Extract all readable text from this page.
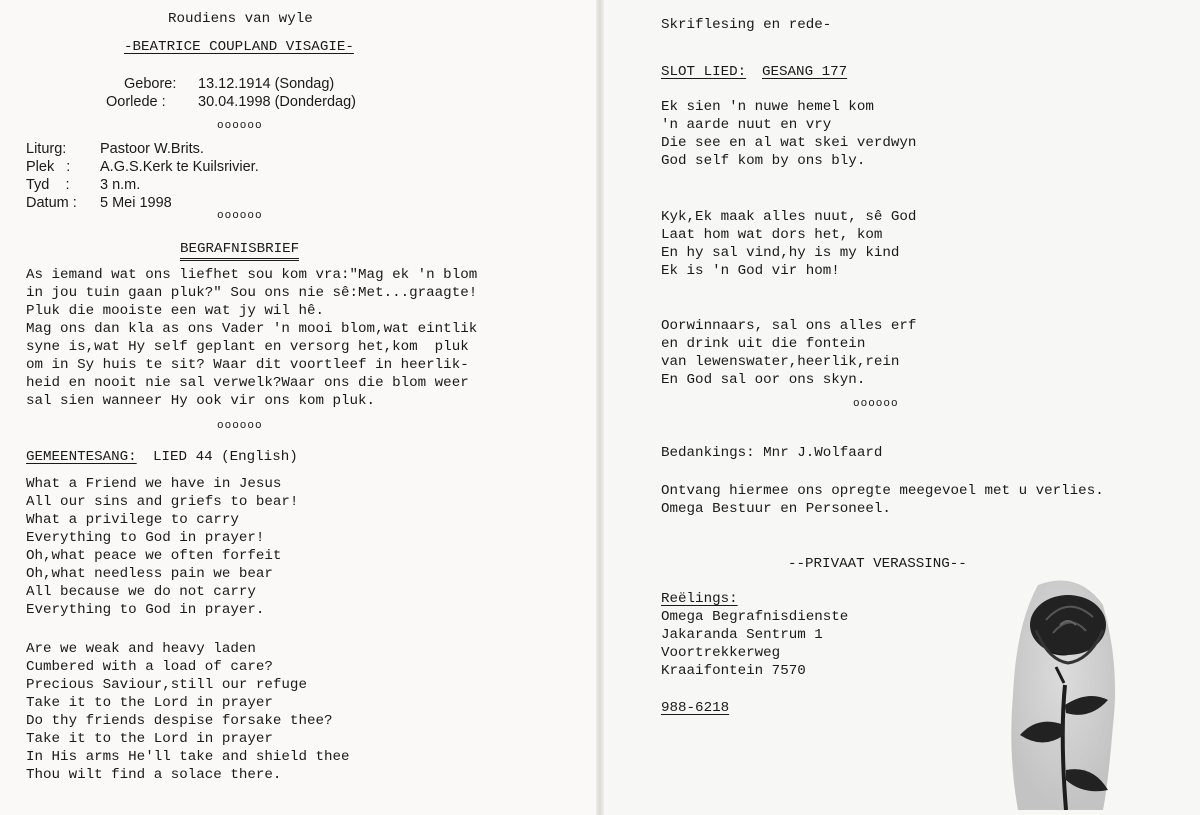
Roudiens van wyle
-BEATRICE COUPLAND VISAGIE-
Gebore: 13.12.1914 (Sondag)
Oorlede : 30.04.1998 (Donderdag)
oooooo
Liturg: Pastoor W.Brits.
Plek   : A.G.S.Kerk te Kuilsrivier.
Tyd    : 3 n.m.
Datum : 5 Mei 1998
oooooo
BEGRAFNISBRIEF
As iemand wat ons liefhet sou kom vra:"Mag ek 'n blom
in jou tuin gaan pluk?" Sou ons nie sê:Met...graagte!
Pluk die mooiste een wat jy wil hê.
Mag ons dan kla as ons Vader 'n mooi blom,wat eintlik
syne is,wat Hy self geplant en versorg het,kom  pluk
om in Sy huis te sit? Waar dit voortleef in heerlik-
heid en nooit nie sal verwelk?Waar ons die blom weer
sal sien wanneer Hy ook vir ons kom pluk.
oooooo
GEMEENTESANG: LIED 44 (English)
What a Friend we have in Jesus
All our sins and griefs to bear!
What a privilege to carry
Everything to God in prayer!
Oh,what peace we often forfeit
Oh,what needless pain we bear
All because we do not carry
Everything to God in prayer.
Are we weak and heavy laden
Cumbered with a load of care?
Precious Saviour,still our refuge
Take it to the Lord in prayer
Do thy friends despise forsake thee?
Take it to the Lord in prayer
In His arms He'll take and shield thee
Thou wilt find a solace there.
Skriflesing en rede-
SLOT LIED: GESANG 177
Ek sien 'n nuwe hemel kom
'n aarde nuut en vry
Die see en al wat skei verdwyn
God self kom by ons bly.
Kyk,Ek maak alles nuut, sê God
Laat hom wat dors het, kom
En hy sal vind,hy is my kind
Ek is 'n God vir hom!
Oorwinnaars, sal ons alles erf
en drink uit die fontein
van lewenswater,heerlik,rein
En God sal oor ons skyn.
oooooo
Bedankings: Mnr J.Wolfaard
Ontvang hiermee ons opregte meegevoel met u verlies.
Omega Bestuur en Personeel.
--PRIVAAT VERASSING--
Reëlings:
Omega Begrafnisdienste
Jakaranda Sentrum 1
Voortrekkerweg
Kraaifontein 7570
988-6218
